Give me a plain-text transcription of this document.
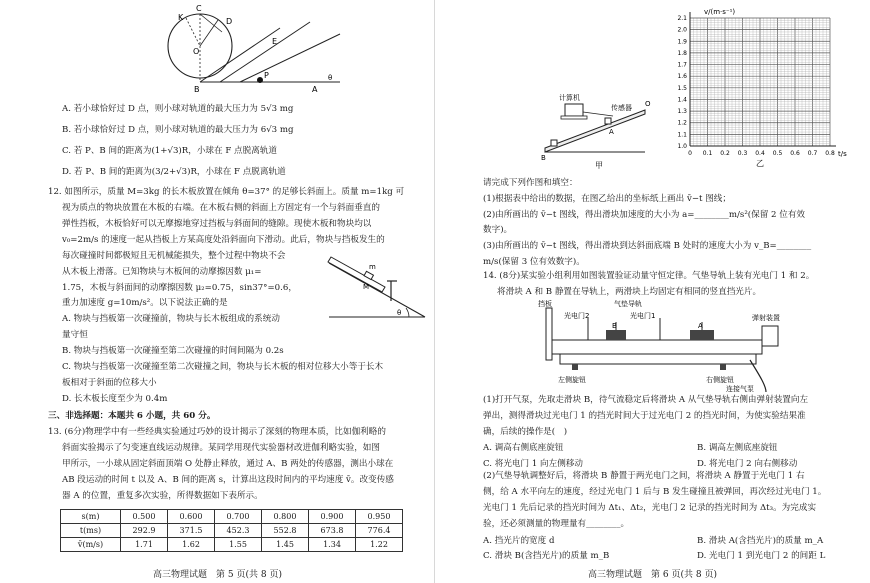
K
C
D
O
E
B
P
A
θ
A. 若小球恰好过 D 点，则小球对轨道的最大压力为 5√3 mg
B. 若小球恰好过 D 点，则小球对轨道的最大压力为 6√3 mg
C. 若 P、B 间的距离为(1+√3)R，小球在 F 点脱离轨道
D. 若 P、B 间的距离为(3/2+√3)R，小球在 F 点脱离轨道
12. 如图所示，质量 M=3kg 的长木板放置在倾角 θ=37° 的足够长斜面上。质量 m=1kg 可
视为质点的物块放置在木板的右端。在木板右侧的斜面上方固定有一个与斜面垂直的
弹性挡板，木板恰好可以无摩擦地穿过挡板与斜面间的缝隙。现使木板和物块均以
v₀=2m/s 的速度一起从挡板上方某高度处沿斜面向下滑动。此后，物块与挡板发生的
每次碰撞时间都极短且无机械能损失，整个过程中物块不会
从木板上滑落。已知物块与木板间的动摩擦因数 μ₁=
1.75，木板与斜面间的动摩擦因数 μ₂=0.75，sin37°=0.6，
重力加速度 g=10m/s²。以下说法正确的是
A. 物块与挡板第一次碰撞前，物块与长木板组成的系统动
量守恒
B. 物块与挡板第一次碰撞至第二次碰撞的时间间隔为 0.2s
C. 物块与挡板第一次碰撞至第二次碰撞之间，物块与长木板的相对位移大小等于长木
板相对于斜面的位移大小
D. 长木板长度至少为 0.4m
m
M
θ
三、非选择题：本题共 6 小题，共 60 分。
13. (6分)物理学中有一些经典实验通过巧妙的设计揭示了深刻的物理本质，比如伽利略的
斜面实验揭示了匀变速直线运动规律。某同学用现代实验器材改进伽利略实验，如图
甲所示，一小球从固定斜面顶端 O 处静止释放，通过 A、B 两处的传感器，测出小球在
AB 段运动的时间 t 以及 A、B 间的距离 s，计算出这段时间内的平均速度 v̄。改变传感
器 A 的位置，重复多次实验，所得数据如下表所示。
s(m)	0.500	0.600	0.700	0.800	0.900	0.950
t(ms)	292.9	371.5	452.3	552.8	673.8	776.4
v̄(m/s)	1.71	1.62	1.55	1.45	1.34	1.22
高三物理试题　第 5 页(共 8 页)
计算机
传感器 O
A
B
甲
v/(m·s⁻¹)
t/s
乙
1.0
1.1
1.2
1.3
1.4
1.5
1.6
1.7
1.8
1.9
2.0
2.1
0 0.1 0.2 0.3 0.4 0.5 0.6 0.7 0.8
请完成下列作图和填空：
(1)根据表中给出的数据，在图乙给出的坐标纸上画出 v̄−t 图线；
(2)由所画出的 v̄−t 图线，得出滑块加速度的大小为 a=________m/s²(保留 2 位有效
数字)。
(3)由所画出的 v̄−t 图线，得出滑块到达斜面底端 B 处时的速度大小为 v_B=________
m/s(保留 3 位有效数字)。
14. (8分)某实验小组利用如图装置验证动量守恒定律。气垫导轨上装有光电门 1 和 2。
将滑块 A 和 B 静置在导轨上，两滑块上均固定有相同的竖直挡光片。
挡板	气垫导轨
光电门2	光电门1
B	A
弹射装置
左侧旋钮	右侧旋钮
连接气泵
(1)打开气泵，先取走滑块 B，待气流稳定后将滑块 A 从气垫导轨右侧由弹射装置向左
弹出，测得滑块过光电门 1 的挡光时间大于过光电门 2 的挡光时间，为使实验结果准
确，后续的操作是(　)
A. 调高右侧底座旋钮	B. 调高左侧底座旋钮
C. 将光电门 1 向左侧移动	D. 将光电门 2 向右侧移动
(2)气垫导轨调整好后，将滑块 B 静置于两光电门之间，将滑块 A 静置于光电门 1 右
侧，给 A 水平向左的速度，经过光电门 1 后与 B 发生碰撞且被弹回，再次经过光电门 1。
光电门 1 先后记录的挡光时间为 Δt₁、Δt₂，光电门 2 记录的挡光时间为 Δt₃。为完成实
验，还必须测量的物理量有________。
A. 挡光片的宽度 d	B. 滑块 A(含挡光片)的质量 m_A
C. 滑块 B(含挡光片)的质量 m_B	D. 光电门 1 到光电门 2 的间距 L
高三物理试题　第 6 页(共 8 页)
